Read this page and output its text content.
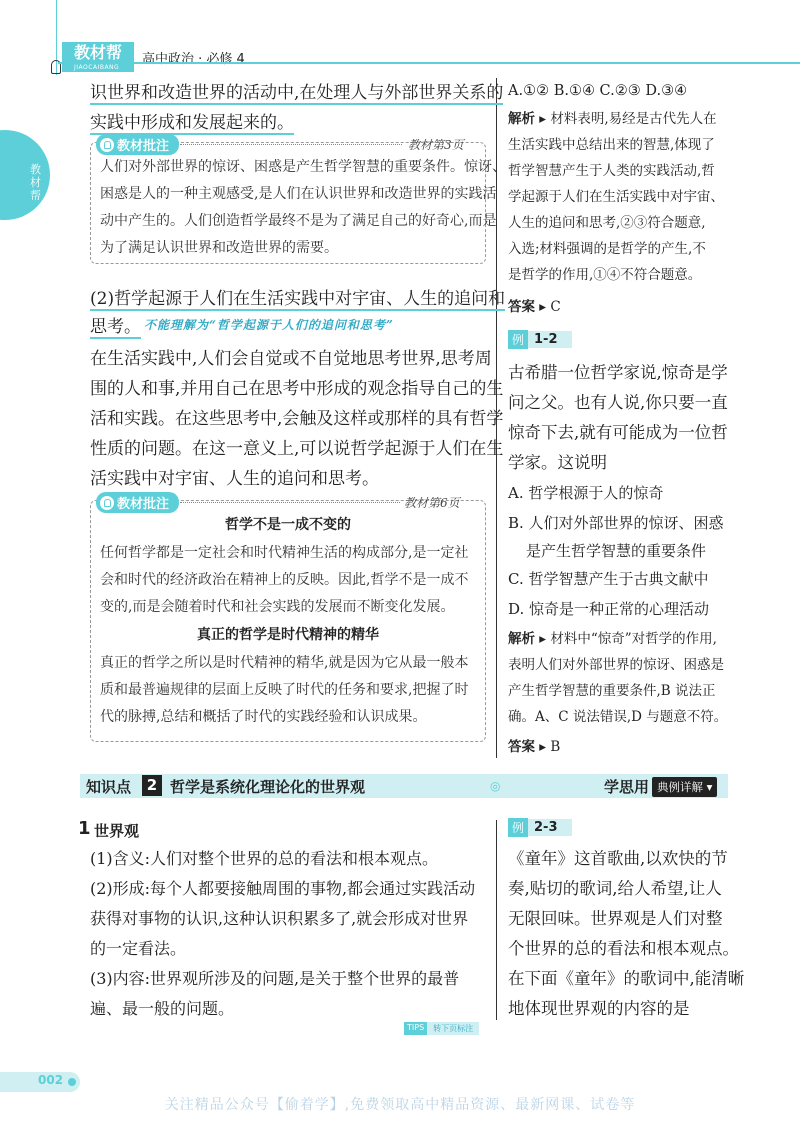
教材帮
JIAOCAIBANG
高中政治 · 必修 4
教材帮
识世界和改造世界的活动中,在处理人与外部世界关系的
实践中形成和发展起来的。
教材批注	教材第3页
人们对外部世界的惊讶、困惑是产生哲学智慧的重要条件。惊讶、
困惑是人的一种主观感受,是人们在认识世界和改造世界的实践活
动中产生的。人们创造哲学最终不是为了满足自己的好奇心,而是
为了满足认识世界和改造世界的需要。
(2)哲学起源于人们在生活实践中对宇宙、人生的追问和
思考。 不能理解为“哲学起源于人们的追问和思考”
在生活实践中,人们会自觉或不自觉地思考世界,思考周
围的人和事,并用自己在思考中形成的观念指导自己的生
活和实践。在这些思考中,会触及这样或那样的具有哲学
性质的问题。在这一意义上,可以说哲学起源于人们在生
活实践中对宇宙、人生的追问和思考。
教材批注	教材第6页
哲学不是一成不变的
任何哲学都是一定社会和时代精神生活的构成部分,是一定社
会和时代的经济政治在精神上的反映。因此,哲学不是一成不
变的,而是会随着时代和社会实践的发展而不断变化发展。
真正的哲学是时代精神的精华
真正的哲学之所以是时代精神的精华,就是因为它从最一般本
质和最普遍规律的层面上反映了时代的任务和要求,把握了时
代的脉搏,总结和概括了时代的实践经验和认识成果。
A.①② B.①④ C.②③ D.③④
解析 ▸ 材料表明,易经是古代先人在
生活实践中总结出来的智慧,体现了
哲学智慧产生于人类的实践活动,哲
学起源于人们在生活实践中对宇宙、
人生的追问和思考,②③符合题意,
入选;材料强调的是哲学的产生,不
是哲学的作用,①④不符合题意。
答案 ▸ C
例 1-2
古希腊一位哲学家说,惊奇是学
问之父。也有人说,你只要一直
惊奇下去,就有可能成为一位哲
学家。这说明
A. 哲学根源于人的惊奇
B. 人们对外部世界的惊讶、困惑
是产生哲学智慧的重要条件
C. 哲学智慧产生于古典文献中
D. 惊奇是一种正常的心理活动
解析 ▸ 材料中“惊奇”对哲学的作用,
表明人们对外部世界的惊讶、困惑是
产生哲学智慧的重要条件,B 说法正
确。A、C 说法错误,D 与题意不符。
答案 ▸ B
知识点	2 哲学是系统化理论化的世界观	◎	学思用 典例详解 ▾
1 世界观
(1)含义:人们对整个世界的总的看法和根本观点。
(2)形成:每个人都要接触周围的事物,都会通过实践活动
获得对事物的认识,这种认识积累多了,就会形成对世界
的一定看法。
(3)内容:世界观所涉及的问题,是关于整个世界的最普
遍、最一般的问题。
TIPS	转下页标注
例 2-3
《童年》这首歌曲,以欢快的节
奏,贴切的歌词,给人希望,让人
无限回味。世界观是人们对整
个世界的总的看法和根本观点。
在下面《童年》的歌词中,能清晰
地体现世界观的内容的是
002
关注精品公众号【偷着学】,免费领取高中精品资源、最新网课、试卷等
